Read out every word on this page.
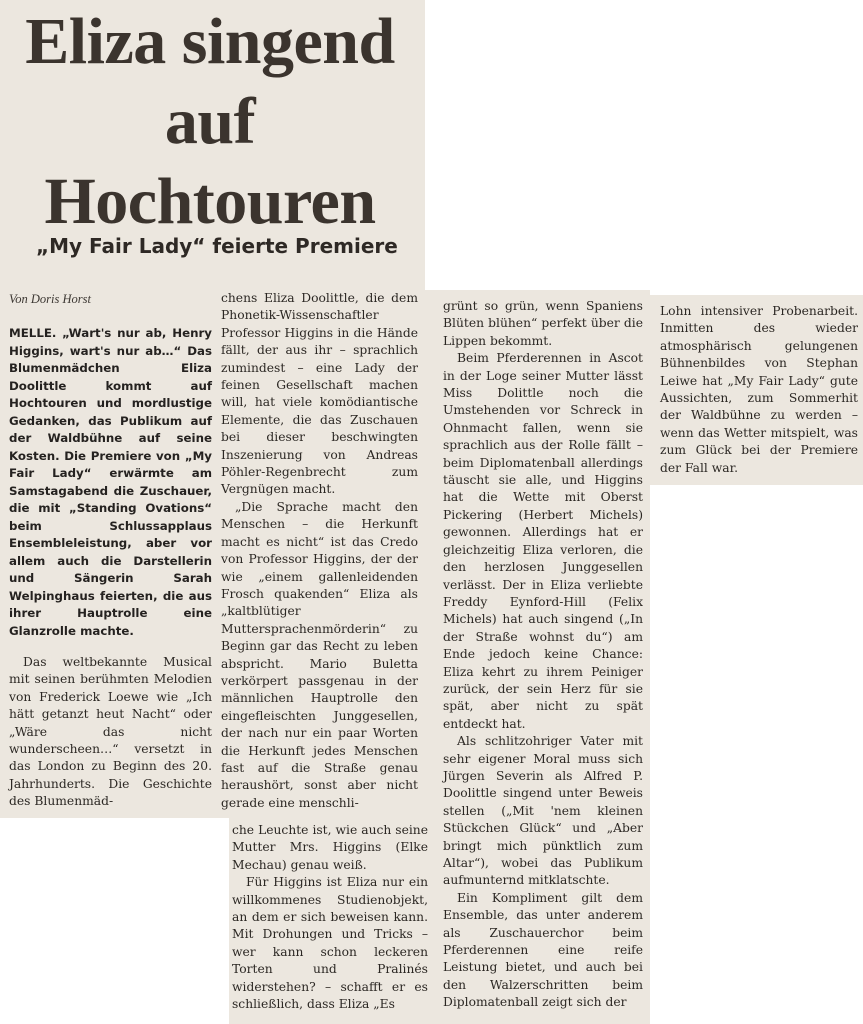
Eliza singend auf Hochtouren
„My Fair Lady“ feierte Premiere
Von Doris Horst

MELLE. „Wart's nur ab, Henry Higgins, wart's nur ab…“ Das Blumenmädchen Eliza Doolittle kommt auf Hochtouren und mordlustige Gedanken, das Publikum auf der Waldbühne auf seine Kosten. Die Premiere von „My Fair Lady“ erwärmte am Samstagabend die Zuschauer, die mit „Standing Ovations“ beim Schlussapplaus Ensembleleistung, aber vor allem auch die Darstellerin und Sängerin Sarah Welpinghaus feierten, die aus ihrer Hauptrolle eine Glanzrolle machte.

Das weltbekannte Musical mit seinen berühmten Melodien von Frederick Loewe wie „Ich hätt getanzt heut Nacht“ oder „Wäre das nicht wunderscheen…“ versetzt in das London zu Beginn des 20. Jahrhunderts. Die Geschichte des Blumenmäd-

chens Eliza Doolittle, die dem Phonetik-Wissenschaftler Professor Higgins in die Hände fällt, der aus ihr – sprachlich zumindest – eine Lady der feinen Gesellschaft machen will, hat viele komödiantische Elemente, die das Zuschauen bei dieser beschwingten Inszenierung von Andreas Pöhler-Regenbrecht zum Vergnügen macht.

„Die Sprache macht den Menschen – die Herkunft macht es nicht“ ist das Credo von Professor Higgins, der der wie „einem gallenleidenden Frosch quakenden“ Eliza als „kaltblütiger Muttersprachenmörderin“ zu Beginn gar das Recht zu leben abspricht. Mario Buletta verkörpert passgenau in der männlichen Hauptrolle den eingefleischten Junggesellen, der nach nur ein paar Worten die Herkunft jedes Menschen fast auf die Straße genau heraushört, sonst aber nicht gerade eine menschli-

che Leuchte ist, wie auch seine Mutter Mrs. Higgins (Elke Mechau) genau weiß.

Für Higgins ist Eliza nur ein willkommenes Studienobjekt, an dem er sich beweisen kann. Mit Drohungen und Tricks – wer kann schon leckeren Torten und Pralinés widerstehen? – schafft er es schließlich, dass Eliza „Es

grünt so grün, wenn Spaniens Blüten blühen“ perfekt über die Lippen bekommt.

Beim Pferderennen in Ascot in der Loge seiner Mutter lässt Miss Dolittle noch die Umstehenden vor Schreck in Ohnmacht fallen, wenn sie sprachlich aus der Rolle fällt – beim Diplomatenball allerdings täuscht sie alle, und Higgins hat die Wette mit Oberst Pickering (Herbert Michels) gewonnen. Allerdings hat er gleichzeitig Eliza verloren, die den herzlosen Junggesellen verlässt. Der in Eliza verliebte Freddy Eynford-Hill (Felix Michels) hat auch singend („In der Straße wohnst du“) am Ende jedoch keine Chance: Eliza kehrt zu ihrem Peiniger zurück, der sein Herz für sie spät, aber nicht zu spät entdeckt hat.

Als schlitzohriger Vater mit sehr eigener Moral muss sich Jürgen Severin als Alfred P. Doolittle singend unter Beweis stellen („Mit 'nem kleinen Stückchen Glück“ und „Aber bringt mich pünktlich zum Altar“), wobei das Publikum aufmunternd mitklatschte.

Ein Kompliment gilt dem Ensemble, das unter anderem als Zuschauerchor beim Pferderennen eine reife Leistung bietet, und auch bei den Walzerschritten beim Diplomatenball zeigt sich der

Lohn intensiver Probenarbeit. Inmitten des wieder atmosphärisch gelungenen Bühnenbildes von Stephan Leiwe hat „My Fair Lady“ gute Aussichten, zum Sommerhit der Waldbühne zu werden – wenn das Wetter mitspielt, was zum Glück bei der Premiere der Fall war.
